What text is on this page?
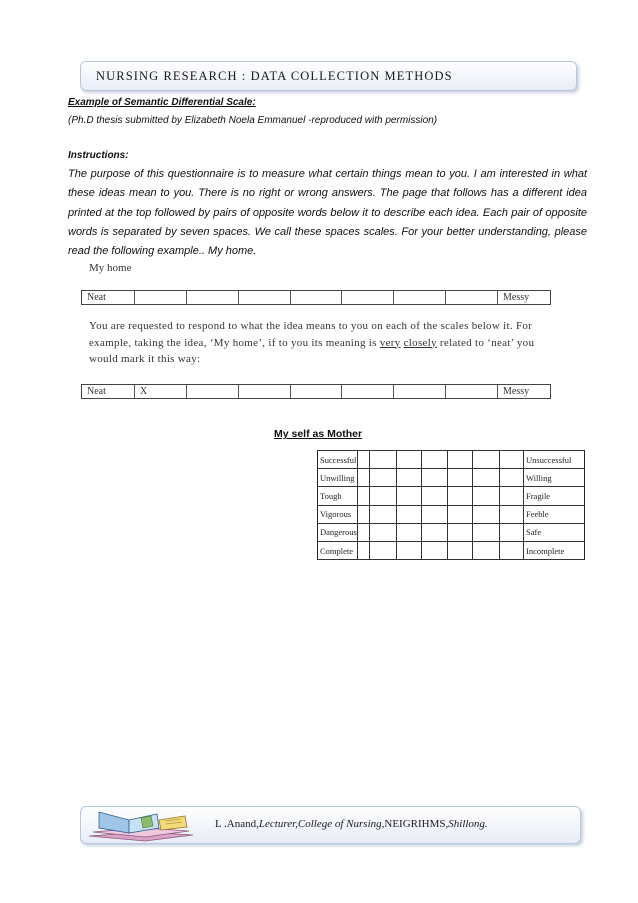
NURSING RESEARCH : DATA COLLECTION METHODS
Example of Semantic Differential Scale:
(Ph.D thesis submitted by Elizabeth Noela Emmanuel -reproduced with permission)
Instructions:
The purpose of this questionnaire is to measure what certain things mean to you. I am interested in what these ideas mean to you. There is no right or wrong answers. The page that follows has a different idea printed at the top followed by pairs of opposite words below it to describe each idea. Each pair of opposite words is separated by seven spaces. We call these spaces scales. For your better understanding, please read the following example.. My home.
My home
Neat	Messy
You are requested to respond to what the idea means to you on each of the scales below it. For example, taking the idea, ‘My home’, if to you its meaning is very closely related to ‘neat’ you would mark it this way:
Neat	X	Messy
My self as Mother
Successful								Unsuccessful
Unwilling								Willing
Tough								Fragile
Vigorous								Feeble
Dangerous								Safe
Complete								Incomplete
L .Anand,Lecturer,College of Nursing,NEIGRIHMS,Shillong.
